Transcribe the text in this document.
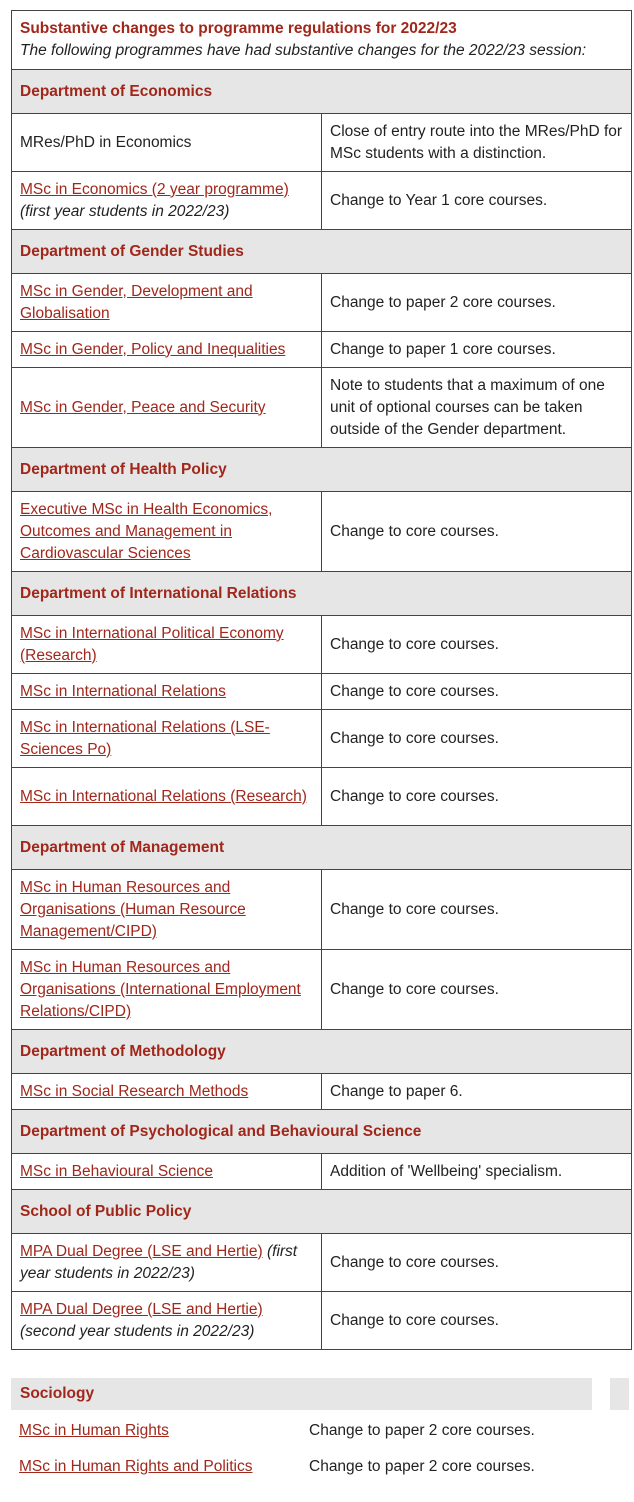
Substantive changes to programme regulations for 2022/23
The following programmes have had substantive changes for the 2022/23 session:	

Department of Economics	
MRes/PhD in Economics	Close of entry route into the MRes/PhD for MSc students with a distinction.
MSc in Economics (2 year programme) (first year students in 2022/23)	Change to Year 1 core courses.
Department of Gender Studies	
MSc in Gender, Development and Globalisation	Change to paper 2 core courses.
MSc in Gender, Policy and Inequalities	Change to paper 1 core courses.
MSc in Gender, Peace and Security	Note to students that a maximum of one unit of optional courses can be taken outside of the Gender department.
Department of Health Policy	
Executive MSc in Health Economics, Outcomes and Management in Cardiovascular Sciences	Change to core courses.
Department of International Relations	
MSc in International Political Economy (Research)	Change to core courses.
MSc in International Relations	Change to core courses.
MSc in International Relations (LSE-Sciences Po)	Change to core courses.
MSc in International Relations (Research)	Change to core courses.
Department of Management	
MSc in Human Resources and Organisations (Human Resource Management/CIPD)	Change to core courses.
MSc in Human Resources and Organisations (International Employment Relations/CIPD)	Change to core courses.
Department of Methodology	
MSc in Social Research Methods	Change to paper 6.
Department of Psychological and Behavioural Science	
MSc in Behavioural Science	Addition of 'Wellbeing' specialism.
School of Public Policy	
MPA Dual Degree (LSE and Hertie) (first year students in 2022/23)	Change to core courses.
MPA Dual Degree (LSE and Hertie) (second year students in 2022/23)	Change to core courses.
Sociology
MSc in Human Rights	Change to paper 2 core courses.
MSc in Human Rights and Politics	Change to paper 2 core courses.
